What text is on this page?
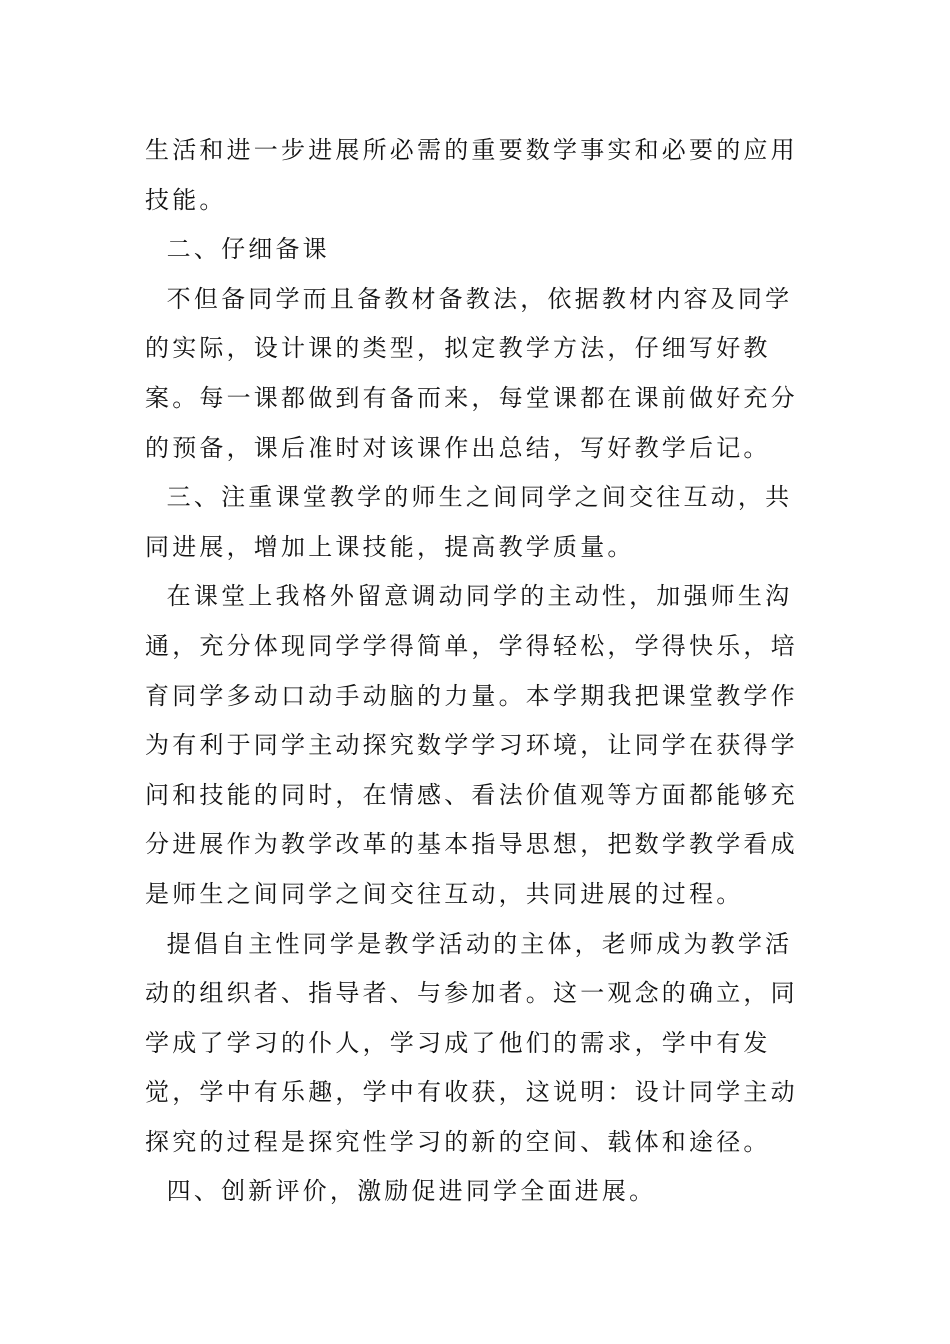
生活和进一步进展所必需的重要数学事实和必要的应用技能。

二、仔细备课

不但备同学而且备教材备教法，依据教材内容及同学的实际，设计课的类型，拟定教学方法，仔细写好教案。每一课都做到有备而来，每堂课都在课前做好充分的预备，课后准时对该课作出总结，写好教学后记。

三、注重课堂教学的师生之间同学之间交往互动，共同进展，增加上课技能，提高教学质量。

在课堂上我格外留意调动同学的主动性，加强师生沟通，充分体现同学学得简单，学得轻松，学得快乐，培育同学多动口动手动脑的力量。本学期我把课堂教学作为有利于同学主动探究数学学习环境，让同学在获得学问和技能的同时，在情感、看法价值观等方面都能够充分进展作为教学改革的基本指导思想，把数学教学看成是师生之间同学之间交往互动，共同进展的过程。

提倡自主性同学是教学活动的主体，老师成为教学活动的组织者、指导者、与参加者。这一观念的确立，同学成了学习的仆人，学习成了他们的需求，学中有发觉，学中有乐趣，学中有收获，这说明：设计同学主动探究的过程是探究性学习的新的空间、载体和途径。

四、创新评价，激励促进同学全面进展。
